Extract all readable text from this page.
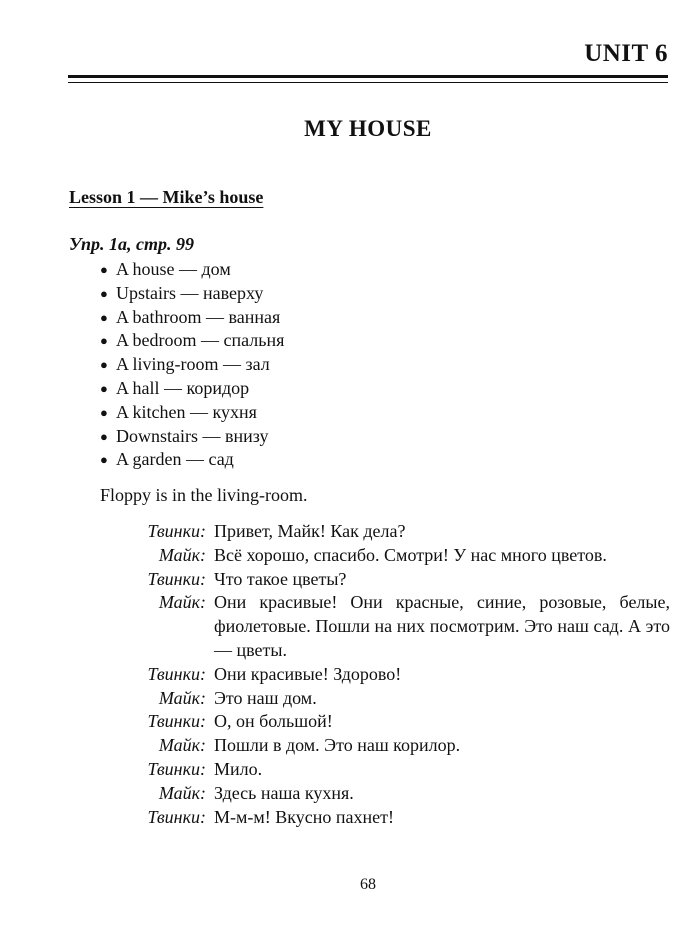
UNIT 6
MY HOUSE
Lesson 1 — Mike’s house
Упр. 1a, стр. 99
● A house — дом
● Upstairs — наверху
● A bathroom — ванная
● A bedroom — спальня
● A living-room — зал
● A hall — коридор
● A kitchen — кухня
● Downstairs — внизу
● A garden — сад
Floppy is in the living-room.
Твинки: Привет, Майк! Как дела?
Майк: Всё хорошо, спасибо. Смотри! У нас много цветов.
Твинки: Что такое цветы?
Майк: Они красивые! Они красные, синие, розовые, белые, фиолетовые. Пошли на них посмотрим. Это наш сад. А это — цветы.
Твинки: Они красивые! Здорово!
Майк: Это наш дом.
Твинки: О, он большой!
Майк: Пошли в дом. Это наш корилор.
Твинки: Мило.
Майк: Здесь наша кухня.
Твинки: М-м-м! Вкусно пахнет!
68
